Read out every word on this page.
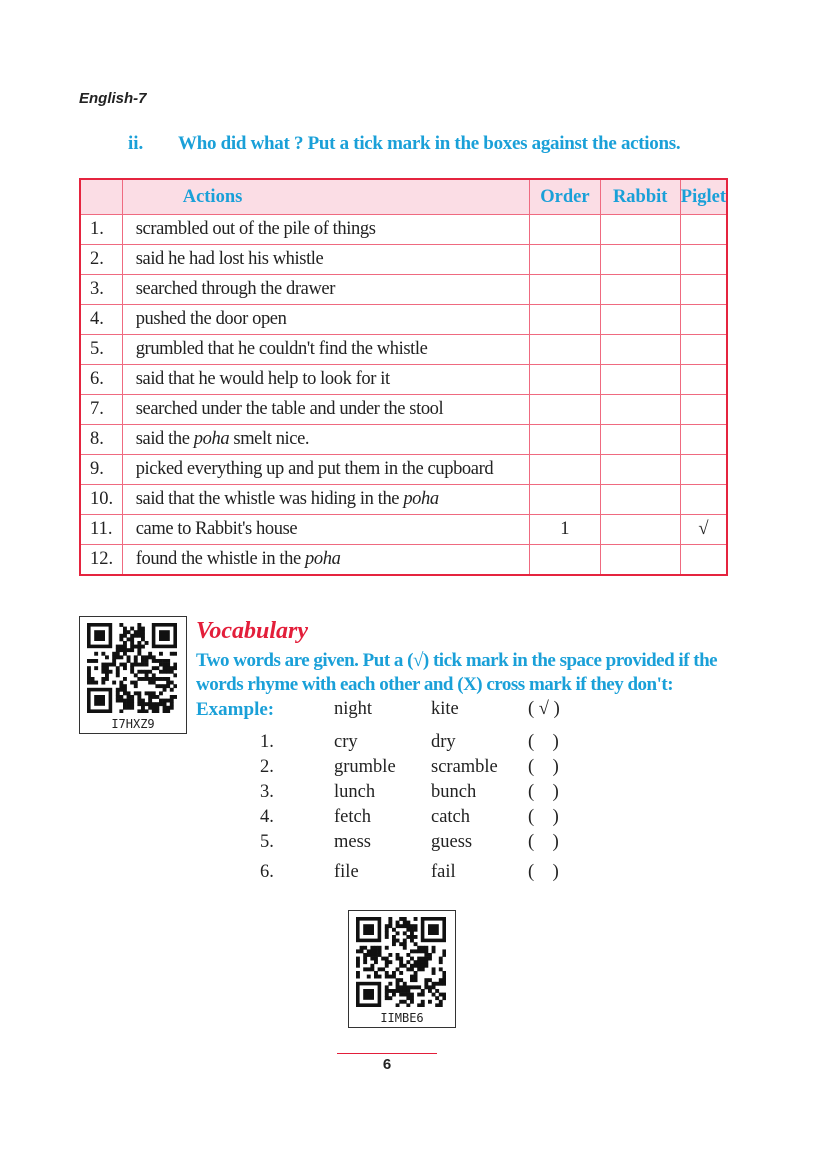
English-7
ii. Who did what ? Put a tick mark in the boxes against the actions.
	Actions	Order	Rabbit	Piglet
1.	scrambled out of the pile of things			
2.	said he had lost his whistle			
3.	searched through the drawer			
4.	pushed the door open			
5.	grumbled that he couldn't find the whistle			
6.	said that he would help to look for it			
7.	searched under the table and under the stool			
8.	said the poha smelt nice.			
9.	picked everything up and put them in the cupboard			
10.	said that the whistle was hiding in the poha			
11.	came to Rabbit's house	1		√
12.	found the whistle in the poha			
I7HXZ9
Vocabulary
Two words are given. Put a (√) tick mark in the space provided if the words rhyme with each other and (X) cross mark if they don't:
Example:	night	kite	( √ )
1.	cry	dry	(    )
2.	grumble scramble (    )
3.	lunch	bunch	(    )
4.	fetch	catch	(    )
5.	mess	guess	(    )
6.	file	fail	(    )
IIMBE6
6
